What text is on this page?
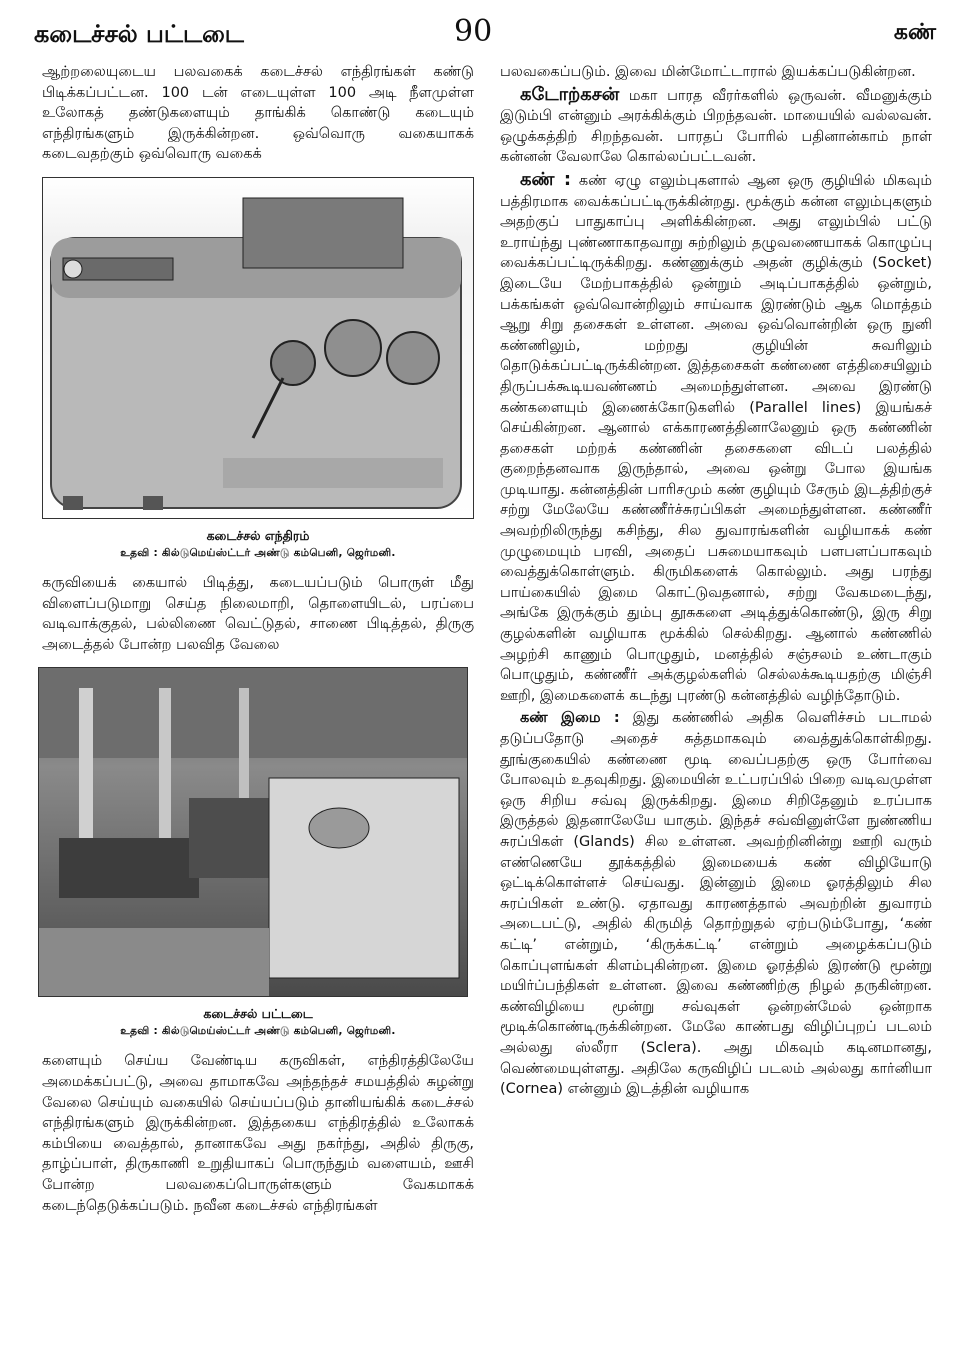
கடைச்சல் பட்டடை	90	கண்

ஆற்றலையுடைய பலவகைக் கடைச்சல் எந்திரங்கள் கண்டு பிடிக்கப்பட்டன. 100 டன் எடையுள்ள 100 அடி நீளமுள்ள உலோகத் தண்டுகளையும் தாங்கிக் கொண்டு கடையும் எந்திரங்களும் இருக்கின்றன. ஒவ்வொரு வகையாகக் கடைவதற்கும் ஒவ்வொரு வகைக்

கடைச்சல் எந்திரம்
உதவி : கில்டுமெய்ஸ்ட்டர் அண்டு கம்பெனி, ஜெர்மனி.

கருவியைக் கையால் பிடித்து, கடையப்படும் பொருள் மீது விளைப்படுமாறு செய்த நிலைமாறி, தொளையிடல், பரப்பை வடிவாக்குதல், பல்லிணை வெட்டுதல், சாணை பிடித்தல், திருகு அடைத்தல் போன்ற பலவித வேலை

கடைச்சல் பட்டடை
உதவி : கில்டுமெய்ஸ்ட்டர் அண்டு கம்பெனி, ஜெர்மனி.

களையும் செய்ய வேண்டிய கருவிகள், எந்திரத்திலேயே அமைக்கப்பட்டு, அவை தாமாகவே அந்தந்தச் சமயத்தில் சுழன்று வேலை செய்யும் வகையில் செய்யப்படும் தானியங்கிக் கடைச்சல் எந்திரங்களும் இருக்கின்றன. இத்தகைய எந்திரத்தில் உலோகக் கம்பியை வைத்தால், தானாகவே அது நகர்ந்து, அதில் திருகு, தாழ்ப்பாள், திருகாணி உறுதியாகப் பொருந்தும் வளையம், ஊசி போன்ற பலவகைப்பொருள்களும் வேகமாகக் கடைந்தெடுக்கப்படும். நவீன கடைச்சல் எந்திரங்கள்

பலவகைப்படும். இவை மின்மோட்டாரால் இயக்கப்படுகின்றன.

கடோற்கசன் மகா பாரத வீரர்களில் ஒருவன். வீமனுக்கும் இடும்பி என்னும் அரக்கிக்கும் பிறந்தவன். மாயையில் வல்லவன். ஒழுக்கத்திற் சிறந்தவன். பாரதப் போரில் பதினான்காம் நாள் கன்னன் வேலாலே கொல்லப்பட்டவன்.

கண் : கண் ஏழு எலும்புகளால் ஆன ஒரு குழியில் மிகவும் பத்திரமாக வைக்கப்பட்டிருக்கின்றது. மூக்கும் கன்ன எலும்புகளும் அதற்குப் பாதுகாப்பு அளிக்கின்றன. அது எலும்பில் பட்டு உராய்ந்து புண்ணாகாதவாறு சுற்றிலும் தழுவணையாகக் கொழுப்பு வைக்கப்பட்டிருக்கிறது. கண்ணுக்கும் அதன் குழிக்கும் (Socket) இடையே மேற்பாகத்தில் ஒன்றும் அடிப்பாகத்தில் ஒன்றும், பக்கங்கள் ஒவ்வொன்றிலும் சாய்வாக இரண்டும் ஆக மொத்தம் ஆறு சிறு தசைகள் உள்ளன. அவை ஒவ்வொன்றின் ஒரு நுனி கண்ணிலும், மற்றது குழியின் சுவரிலும் தொடுக்கப்பட்டிருக்கின்றன. இத்தசைகள் கண்ணை எத்திசையிலும் திருப்பக்கூடியவண்ணம் அமைந்துள்ளன. அவை இரண்டு கண்களையும் இணைக்கோடுகளில் (Parallel lines) இயங்கச் செய்கின்றன. ஆனால் எக்காரணத்தினாலேனும் ஒரு கண்ணின் தசைகள் மற்றக் கண்ணின் தசைகளை விடப் பலத்தில் குறைந்தனவாக இருந்தால், அவை ஒன்று போல இயங்க முடியாது. கன்னத்தின் பாரிசமும் கண் குழியும் சேரும் இடத்திற்குச் சற்று மேலேயே கண்ணீர்ச்சுரப்பிகள் அமைந்துள்ளன. கண்ணீர் அவற்றிலிருந்து கசிந்து, சில துவாரங்களின் வழியாகக் கண் முழுமையும் பரவி, அதைப் பசுமையாகவும் பளபளப்பாகவும் வைத்துக்கொள்ளும். கிருமிகளைக் கொல்லும். அது பரந்து பாய்கையில் இமை கொட்டுவதனால், சற்று வேகமடைந்து, அங்கே இருக்கும் தும்பு தூசுகளை அடித்துக்கொண்டு, இரு சிறு குழல்களின் வழியாக மூக்கில் செல்கிறது. ஆனால் கண்ணில் அழற்சி காணும் பொழுதும், மனத்தில் சஞ்சலம் உண்டாகும் பொழுதும், கண்ணீர் அக்குழல்களில் செல்லக்கூடியதற்கு மிஞ்சி ஊறி, இமைகளைக் கடந்து புரண்டு கன்னத்தில் வழிந்தோடும்.

கண் இமை : இது கண்ணில் அதிக வெளிச்சம் படாமல் தடுப்பதோடு அதைச் சுத்தமாகவும் வைத்துக்கொள்கிறது. தூங்குகையில் கண்ணை மூடி வைப்பதற்கு ஒரு போர்வை போலவும் உதவுகிறது. இமையின் உட்பரப்பில் பிறை வடிவமுள்ள ஒரு சிறிய சவ்வு இருக்கிறது. இமை சிறிதேனும் உரப்பாக இருத்தல் இதனாலேயே யாகும். இந்தச் சவ்வினுள்ளே நுண்ணிய சுரப்பிகள் (Glands) சில உள்ளன. அவற்றினின்று ஊறி வரும் எண்ணெயே தூக்கத்தில் இமையைக் கண் விழியோடு ஒட்டிக்கொள்ளச் செய்வது. இன்னும் இமை ஓரத்திலும் சில சுரப்பிகள் உண்டு. ஏதாவது காரணத்தால் அவற்றின் துவாரம் அடைபட்டு, அதில் கிருமித் தொற்றுதல் ஏற்படும்போது, ‘கண் கட்டி’ என்றும், ‘கிருக்கட்டி’ என்றும் அழைக்கப்படும் கொப்புளங்கள் கிளம்புகின்றன. இமை ஓரத்தில் இரண்டு மூன்று மயிர்ப்பந்திகள் உள்ளன. இவை கண்ணிற்கு நிழல் தருகின்றன. கண்விழியை மூன்று சவ்வுகள் ஒன்றன்மேல் ஒன்றாக மூடிக்கொண்டிருக்கின்றன. மேலே காண்பது விழிப்புறப் படலம் அல்லது ஸ்லீரா (Sclera). அது மிகவும் கடினமானது, வெண்மையுள்ளது. அதிலே கருவிழிப் படலம் அல்லது கார்னியா (Cornea) என்னும் இடத்தின் வழியாக
